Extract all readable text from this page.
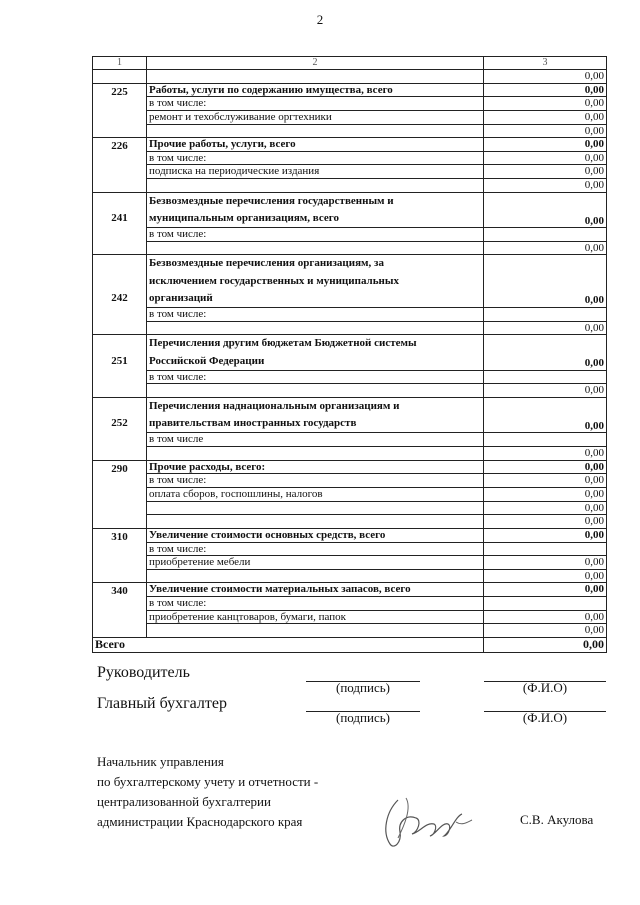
2
1	2	3
		0,00

225	Работы, услуги по содержанию имущества, всего	0,00
	в том числе:	0,00
	ремонт и техобслуживание оргтехники	0,00
		0,00

226	Прочие работы, услуги, всего	0,00
	в том числе:	0,00
	подписка на периодические издания	0,00
		0,00

241	Безвозмездные перечисления государственным и
муниципальным организациям, всего	0,00
	в том числе:	
		0,00

242	Безвозмездные перечисления организациям, за
исключением государственных и муниципальных
организаций	0,00
	в том числе:	
		0,00

251	Перечисления другим бюджетам Бюджетной системы
Российской Федерации	0,00
	в том числе:	
		0,00

252	Перечисления наднациональным организациям и
правительствам иностранных государств	0,00
	в том числе	
		0,00

290	Прочие расходы, всего:	0,00
	в том числе:	0,00
	оплата сборов, госпошлины, налогов	0,00
		0,00
		0,00

310	Увеличение стоимости основных средств, всего	0,00
	в том числе:	
	приобретение мебели	0,00
		0,00

340	Увеличение стоимости материальных запасов, всего	0,00
	в том числе:	
	приобретение канцтоваров, бумаги, папок	0,00
		0,00
Всего		0,00
Руководитель
(подпись)	(Ф.И.О)
Главный бухгалтер
(подпись)	(Ф.И.О)
Начальник управления
по бухгалтерскому учету и отчетности -
централизованной бухгалтерии
администрации Краснодарского края	С.В. Акулова
